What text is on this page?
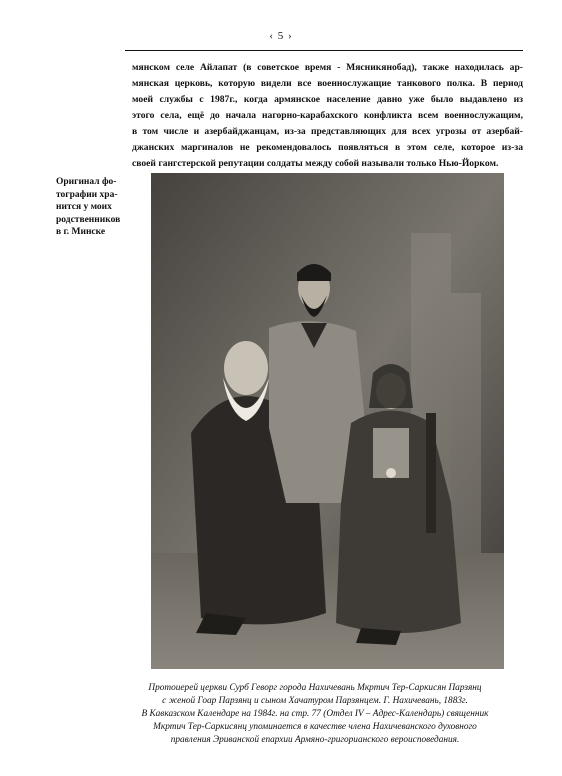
‹ 5 ›
мянском селе Айлапат (в советское время - Мясникянобад), также находилась ар-
мянская церковь, которую видели все военнослужащие танкового полка. В период
моей службы с 1987г., когда армянское население давно уже было выдавлено из
этого села, ещё до начала нагорно-карабахского конфликта всем военнослужащим,
в том числе и азербайджанцам, из-за представляющих для всех угрозы от азербай-
джанских маргиналов не рекомендовалось появляться в этом селе, которое из-за
своей гангстерской репутации солдаты между собой называли только Нью-Йорком.
Оригинал фо-
тографии хра-
нится у моих
родственников
в г. Минске
Протоиерей церкви Сурб Геворг города Нахичевань Мкртич Тер-Саркисян Парзянц
с женой Гоар Парзянц и сыном Хачатуром Парзянцем. Г. Нахичевань, 1883г.
В Кавказском Календаре на 1984г. на стр. 77 (Отдел IV – Адрес-Календарь) священник
Мкртич Тер-Саркисянц упоминается в качестве члена Нахичеванского духовного
правления Эриванской епархии Армяно-григорианского вероисповедания.
